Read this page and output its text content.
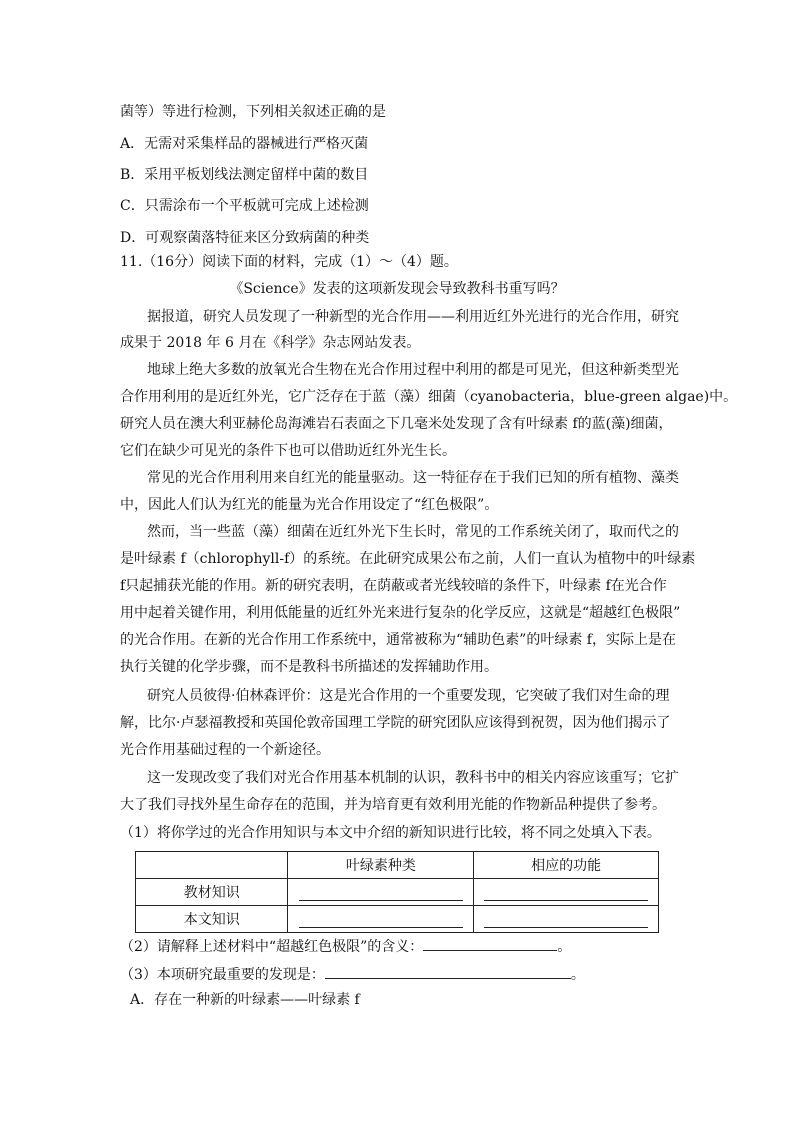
菌等）等进行检测，下列相关叙述正确的是
A．无需对采集样品的器械进行严格灭菌
B．采用平板划线法测定留样中菌的数目
C．只需涂布一个平板就可完成上述检测
D．可观察菌落特征来区分致病菌的种类
11.（16分）阅读下面的材料，完成（1）～（4）题。
《Science》发表的这项新发现会导致教科书重写吗？
据报道，研究人员发现了一种新型的光合作用——利用近红外光进行的光合作用，研究
成果于 2018 年 6 月在《科学》杂志网站发表。
地球上绝大多数的放氧光合生物在光合作用过程中利用的都是可见光，但这种新类型光
合作用利用的是近红外光，它广泛存在于蓝（藻）细菌（cyanobacteria，blue-green algae)中。
研究人员在澳大利亚赫伦岛海滩岩石表面之下几毫米处发现了含有叶绿素 f的蓝(藻)细菌，
它们在缺少可见光的条件下也可以借助近红外光生长。
常见的光合作用利用来自红光的能量驱动。这一特征存在于我们已知的所有植物、藻类
中，因此人们认为红光的能量为光合作用设定了“红色极限”。
然而，当一些蓝（藻）细菌在近红外光下生长时，常见的工作系统关闭了，取而代之的
是叶绿素 f（chlorophyll-f）的系统。在此研究成果公布之前，人们一直认为植物中的叶绿素
f只起捕获光能的作用。新的研究表明，在荫蔽或者光线较暗的条件下，叶绿素 f在光合作
用中起着关键作用，利用低能量的近红外光来进行复杂的化学反应，这就是“超越红色极限”
的光合作用。在新的光合作用工作系统中，通常被称为“辅助色素”的叶绿素 f，实际上是在
执行关键的化学步骤，而不是教科书所描述的发挥辅助作用。
研究人员彼得·伯林森评价：这是光合作用的一个重要发现，它突破了我们对生命的理
解，比尔·卢瑟福教授和英国伦敦帝国理工学院的研究团队应该得到祝贺，因为他们揭示了
光合作用基础过程的一个新途径。
这一发现改变了我们对光合作用基本机制的认识，教科书中的相关内容应该重写；它扩
大了我们寻找外星生命存在的范围，并为培育更有效利用光能的作物新品种提供了参考。
（1）将你学过的光合作用知识与本文中介绍的新知识进行比较，将不同之处填入下表。
	叶绿素种类	相应的功能
教材知识		
本文知识		
（2）请解释上述材料中“超越红色极限”的含义：	。
（3）本项研究最重要的发现是：	。
A．存在一种新的叶绿素——叶绿素 f
